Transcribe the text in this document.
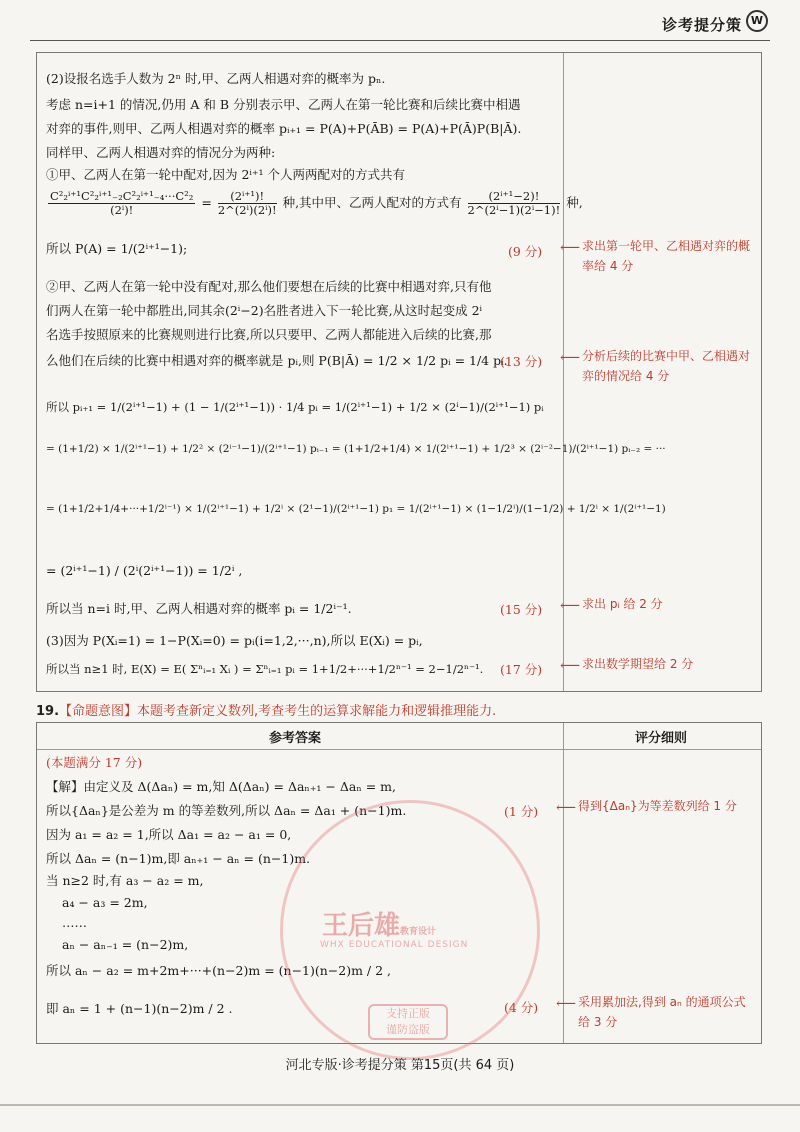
诊考提分策 W
(2)设报名选手人数为 2ⁿ 时,甲、乙两人相遇对弈的概率为 pₙ.
考虑 n=i+1 的情况,仍用 A 和 B 分别表示甲、乙两人在第一轮比赛和后续比赛中相遇
对弈的事件,则甲、乙两人相遇对弈的概率 pᵢ₊₁ = P(A)+P(ĀB) = P(A)+P(Ā)P(B|Ā).
同样甲、乙两人相遇对弈的情况分为两种:
①甲、乙两人在第一轮中配对,因为 2ⁱ⁺¹ 个人两两配对的方式共有
$\frac{\text{C²₂ⁱ⁺¹C²₂ⁱ⁺¹₋₂C²₂ⁱ⁺¹₋₄···C²₂}}{\text{(2ⁱ)!}} = \frac{\text{(2ⁱ⁺¹)!}}{\text{2\textasciicircum{}(2ⁱ)(2ⁱ)!}}$ 种,其中甲、乙两人配对的方式有 $\frac{\text{(2ⁱ⁺¹−2)!}}{\text{2\textasciicircum{}(2ⁱ−1)(2ⁱ−1)!}}$ 种,
所以 P(A) = 1/(2ⁱ⁺¹−1);	(9 分) ⟵ 求出第一轮甲、乙相遇对弈的概率给 4 分
②甲、乙两人在第一轮中没有配对,那么他们要想在后续的比赛中相遇对弈,只有他
们两人在第一轮中都胜出,同其余(2ⁱ−2)名胜者进入下一轮比赛,从这时起变成 2ⁱ
名选手按照原来的比赛规则进行比赛,所以只要甲、乙两人都能进入后续的比赛,那
么他们在后续的比赛中相遇对弈的概率就是 pᵢ,则 P(B|Ā) = 1/2 × 1/2 pᵢ = 1/4 pᵢ.
(13 分) ⟵ 分析后续的比赛中甲、乙相遇对弈的情况给 4 分
所以 pᵢ₊₁ = 1/(2ⁱ⁺¹−1) + (1 − 1/(2ⁱ⁺¹−1)) · 1/4 pᵢ = 1/(2ⁱ⁺¹−1) + 1/2 × (2ⁱ−1)/(2ⁱ⁺¹−1) pᵢ
= (1+1/2) × 1/(2ⁱ⁺¹−1) + 1/2² × (2ⁱ⁻¹−1)/(2ⁱ⁺¹−1) pᵢ₋₁ = (1+1/2+1/4) × 1/(2ⁱ⁺¹−1) + 1/2³ × (2ⁱ⁻²−1)/(2ⁱ⁺¹−1) pᵢ₋₂ = ···
= (1+1/2+1/4+···+1/2ⁱ⁻¹) × 1/(2ⁱ⁺¹−1) + 1/2ⁱ × (2¹−1)/(2ⁱ⁺¹−1) p₁ = 1/(2ⁱ⁺¹−1) × (1−1/2ⁱ)/(1−1/2) + 1/2ⁱ × 1/(2ⁱ⁺¹−1)
= (2ⁱ⁺¹−1) / (2ⁱ(2ⁱ⁺¹−1)) = 1/2ⁱ ,
所以当 n=i 时,甲、乙两人相遇对弈的概率 pᵢ = 1/2ⁱ⁻¹.	(15 分) ⟵ 求出 pᵢ 给 2 分
(3)因为 P(Xᵢ=1) = 1−P(Xᵢ=0) = pᵢ(i=1,2,···,n),所以 E(Xᵢ) = pᵢ,
所以当 n≥1 时, E(X) = E( Σⁿᵢ₌₁ Xᵢ ) = Σⁿᵢ₌₁ pᵢ = 1+1/2+···+1/2ⁿ⁻¹ = 2−1/2ⁿ⁻¹. (17 分) ⟵ 求出数学期望给 2 分
19.【命题意图】本题考查新定义数列,考查考生的运算求解能力和逻辑推理能力.
参考答案	评分细则
(本题满分 17 分)
【解】由定义及 Δ(Δaₙ) = m,知 Δ(Δaₙ) = Δaₙ₊₁ − Δaₙ = m,
所以{Δaₙ}是公差为 m 的等差数列,所以 Δaₙ = Δa₁ + (n−1)m.	(1 分) ⟵ 得到{Δaₙ}为等差数列给 1 分
因为 a₁ = a₂ = 1,所以 Δa₁ = a₂ − a₁ = 0,
所以 Δaₙ = (n−1)m,即 aₙ₊₁ − aₙ = (n−1)m.
当 n≥2 时,有 a₃ − a₂ = m,
a₄ − a₃ = 2m,
……
aₙ − aₙ₋₁ = (n−2)m,
所以 aₙ − a₂ = m+2m+···+(n−2)m = (n−1)(n−2)m / 2 ,
即 aₙ = 1 + (n−1)(n−2)m / 2 .	(4 分) ⟵ 采用累加法,得到 aₙ 的通项公式给 3 分
王后雄教育设计
WHX EDUCATIONAL DESIGN
支持正版
谨防盗版
河北专版·诊考提分策 第15页(共 64 页)
